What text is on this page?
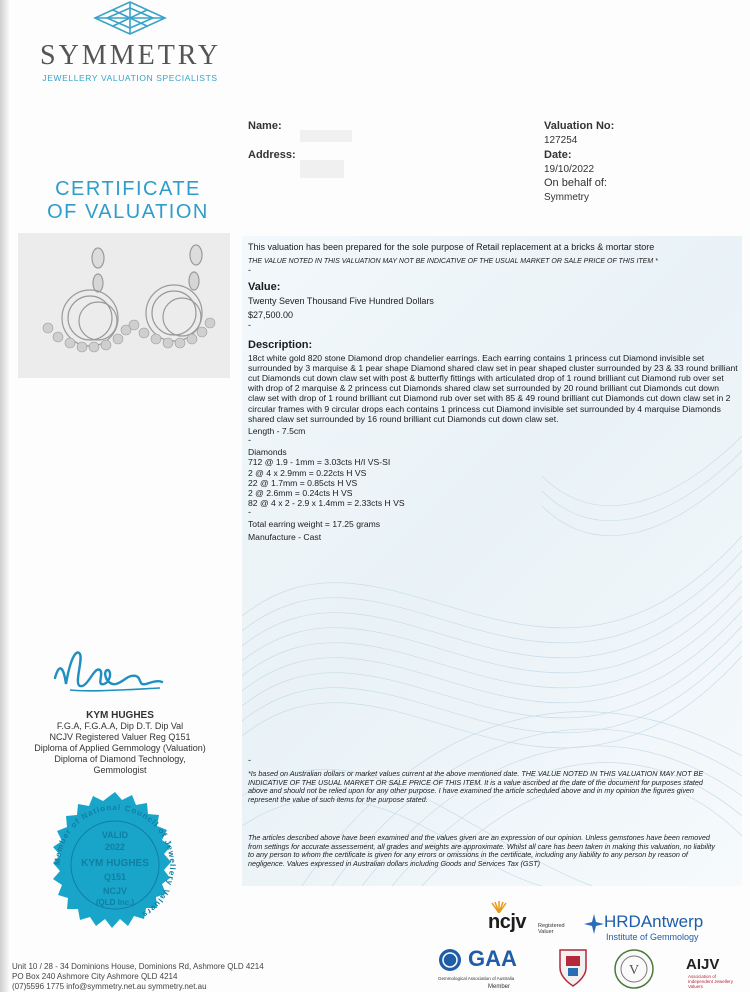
SYMMETRY
JEWELLERY VALUATION SPECIALISTS
CERTIFICATE
OF VALUATION
Name:
Address:
Valuation No:
127254
Date:
19/10/2022
On behalf of:
Symmetry
This valuation has been prepared for the sole purpose of Retail replacement at a bricks & mortar store
THE VALUE NOTED IN THIS VALUATION MAY NOT BE INDICATIVE OF THE USUAL MARKET OR SALE PRICE OF THIS ITEM *
-
Value:
Twenty Seven Thousand Five Hundred Dollars
$27,500.00
-
Description:
18ct white gold 820 stone Diamond drop chandelier earrings. Each earring contains 1 princess cut Diamond invisible set surrounded by 3 marquise & 1 pear shape Diamond shared claw set in pear shaped cluster surrounded by 23 & 33 round brilliant cut Diamonds cut down claw set with post & butterfly fittings with articulated drop of 1 round brilliant cut Diamond rub over set with drop of 2 marquise & 2 princess cut Diamonds shared claw set surrounded by 20 round brilliant cut Diamonds cut down claw set with drop of 1 round brilliant cut Diamond rub over set with 85 & 49 round brilliant cut Diamonds cut down claw set in 2 circular frames with 9 circular drops each contains 1 princess cut Diamond invisible set surrounded by 4 marquise Diamonds shared claw set surrounded by 16 round brilliant cut Diamonds cut down claw set.
Length - 7.5cm
-
Diamonds
712 @ 1.9 - 1mm = 3.03cts H/I VS-SI
2 @ 4 x 2.9mm = 0.22cts H VS
22 @ 1.7mm = 0.85cts H VS
2 @ 2.6mm = 0.24cts H VS
82 @ 4 x 2 - 2.9 x 1.4mm = 2.33cts H VS
-
Total earring weight = 17.25 grams
Manufacture - Cast
-
*Is based on Australian dollars or market values current at the above mentioned date. THE VALUE NOTED IN THIS VALUATION MAY NOT BE INDICATIVE OF THE USUAL MARKET OR SALE PRICE OF THIS ITEM. It is a value ascribed at the date of the document for purposes stated above and should not be relied upon for any other purpose. I have examined the article scheduled above and in my opinion the figures given represent the value of such items for the purpose stated.
The articles described above have been examined and the values given are an expression of our opinion. Unless gemstones have been removed from settings for accurate assessement, all grades and weights are approximate. Whilst all care has been taken in making this valuation, no liability to any person to whom the certificate is given for any errors or omissions in the certificate, including any liability to any person by reason of negligence. Values expressed in Australian dollars including Goods and Services Tax (GST)
KYM HUGHES
F.G.A, F.G.A.A, Dip D.T. Dip Val
NCJV Registered Valuer Reg Q151
Diploma of Applied Gemmology (Valuation)
Diploma of Diamond Technology,
Gemmologist
Member of National Council of Jewellery Valuers
VALID
2022
KYM HUGHES
Q151
NCJV
(QLD Inc.)
Unit 10 / 28 - 34 Dominions House, Dominions Rd, Ashmore QLD 4214
PO Box 240 Ashmore City Ashmore QLD 4214
(07)5596 1775 info@symmetry.net.au symmetry.net.au
ncjv Registered Valuer
HRDAntwerp
Institute of Gemmology
GAA
Gemmological Association of Australia
Member
V	AIJV
Association of Independent Jewellery Valuers
